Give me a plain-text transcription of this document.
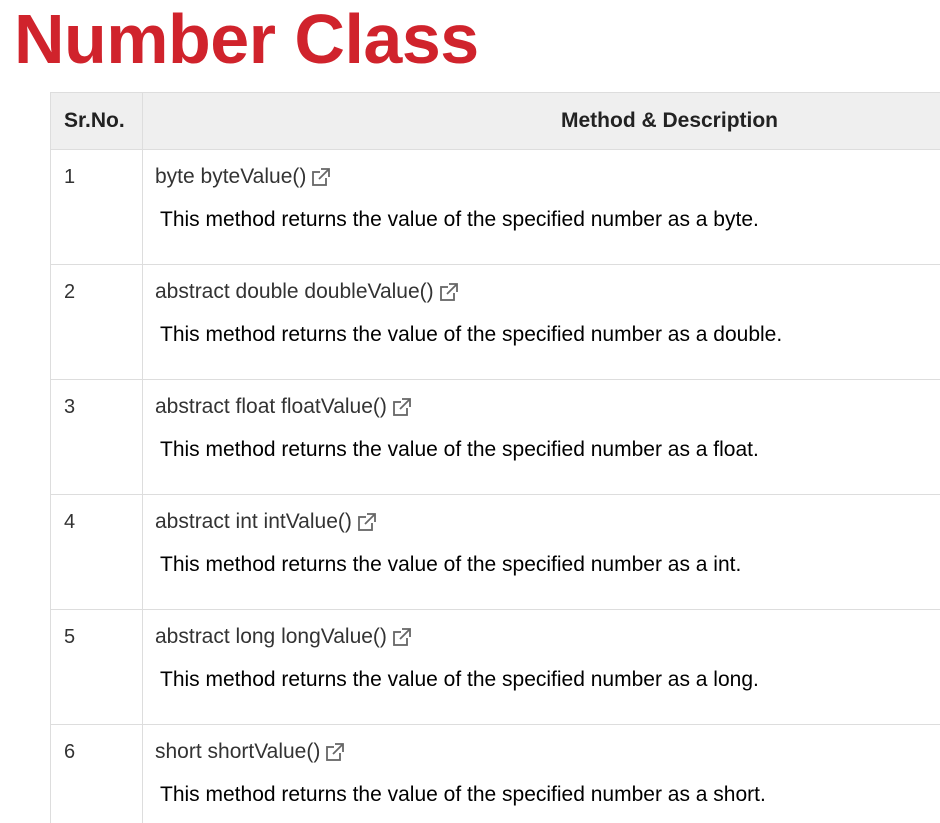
Number Class
Sr.No.	Method & Description
1	byte byteValue()
This method returns the value of the specified number as a byte.

2	abstract double doubleValue()
This method returns the value of the specified number as a double.

3	abstract float floatValue()
This method returns the value of the specified number as a float.

4	abstract int intValue()
This method returns the value of the specified number as a int.

5	abstract long longValue()
This method returns the value of the specified number as a long.

6	short shortValue()
This method returns the value of the specified number as a short.
